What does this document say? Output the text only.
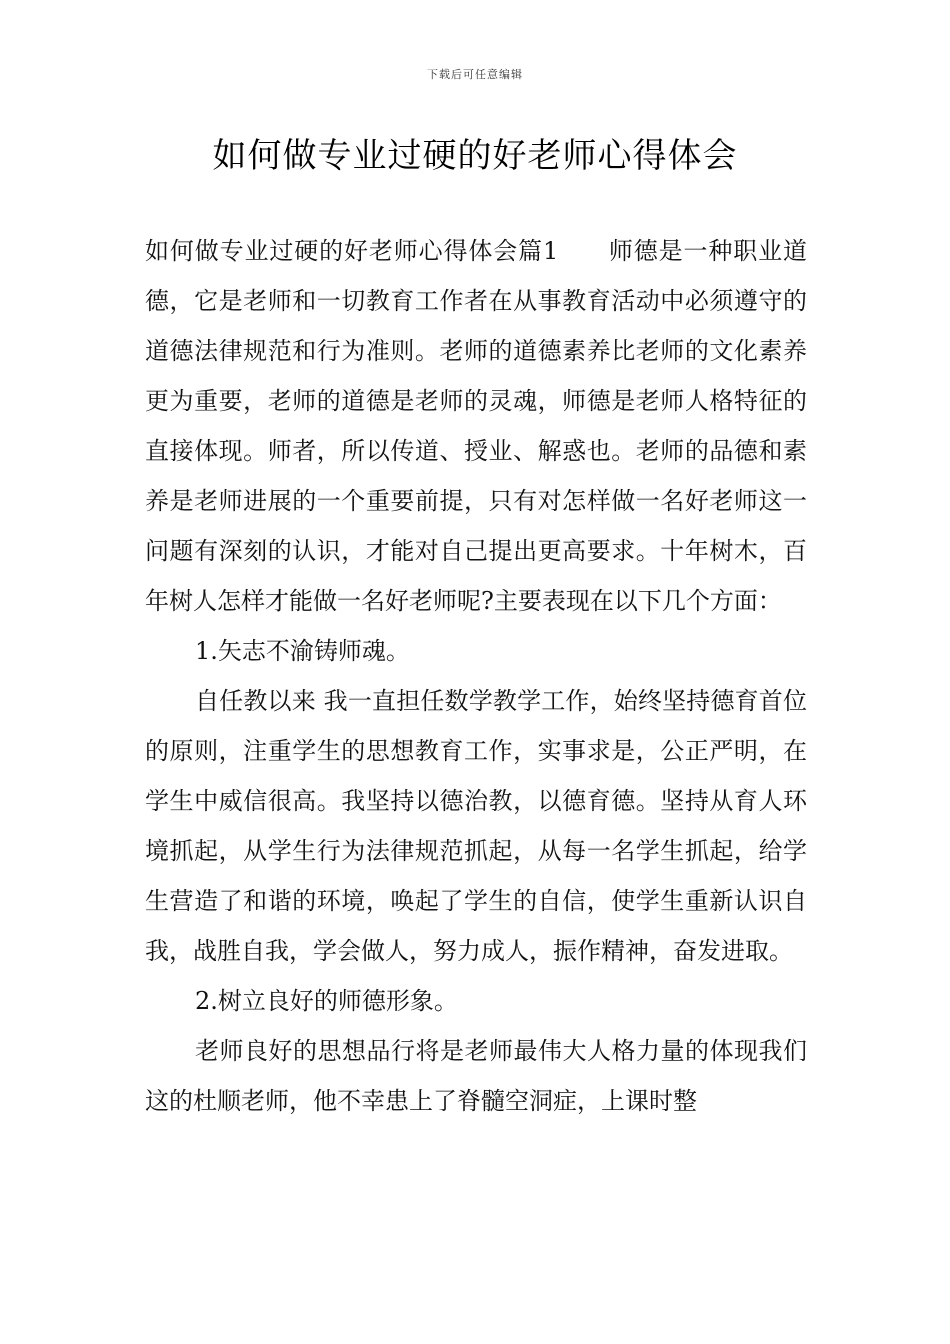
下载后可任意编辑
如何做专业过硬的好老师心得体会

如何做专业过硬的好老师心得体会篇1　　师德是一种职业道德，它是老师和一切教育工作者在从事教育活动中必须遵守的道德法律规范和行为准则。老师的道德素养比老师的文化素养更为重要，老师的道德是老师的灵魂，师德是老师人格特征的直接体现。师者，所以传道、授业、解惑也。老师的品德和素养是老师进展的一个重要前提，只有对怎样做一名好老师这一问题有深刻的认识，才能对自己提出更高要求。十年树木，百年树人怎样才能做一名好老师呢?主要表现在以下几个方面：

1.矢志不渝铸师魂。

自任教以来 我一直担任数学教学工作，始终坚持德育首位的原则，注重学生的思想教育工作，实事求是，公正严明，在学生中威信很高。我坚持以德治教，以德育德。坚持从育人环境抓起，从学生行为法律规范抓起，从每一名学生抓起，给学生营造了和谐的环境，唤起了学生的自信，使学生重新认识自我，战胜自我，学会做人，努力成人，振作精神，奋发进取。

2.树立良好的师德形象。

老师良好的思想品行将是老师最伟大人格力量的体现我们这的杜顺老师，他不幸患上了脊髓空洞症，上课时整
